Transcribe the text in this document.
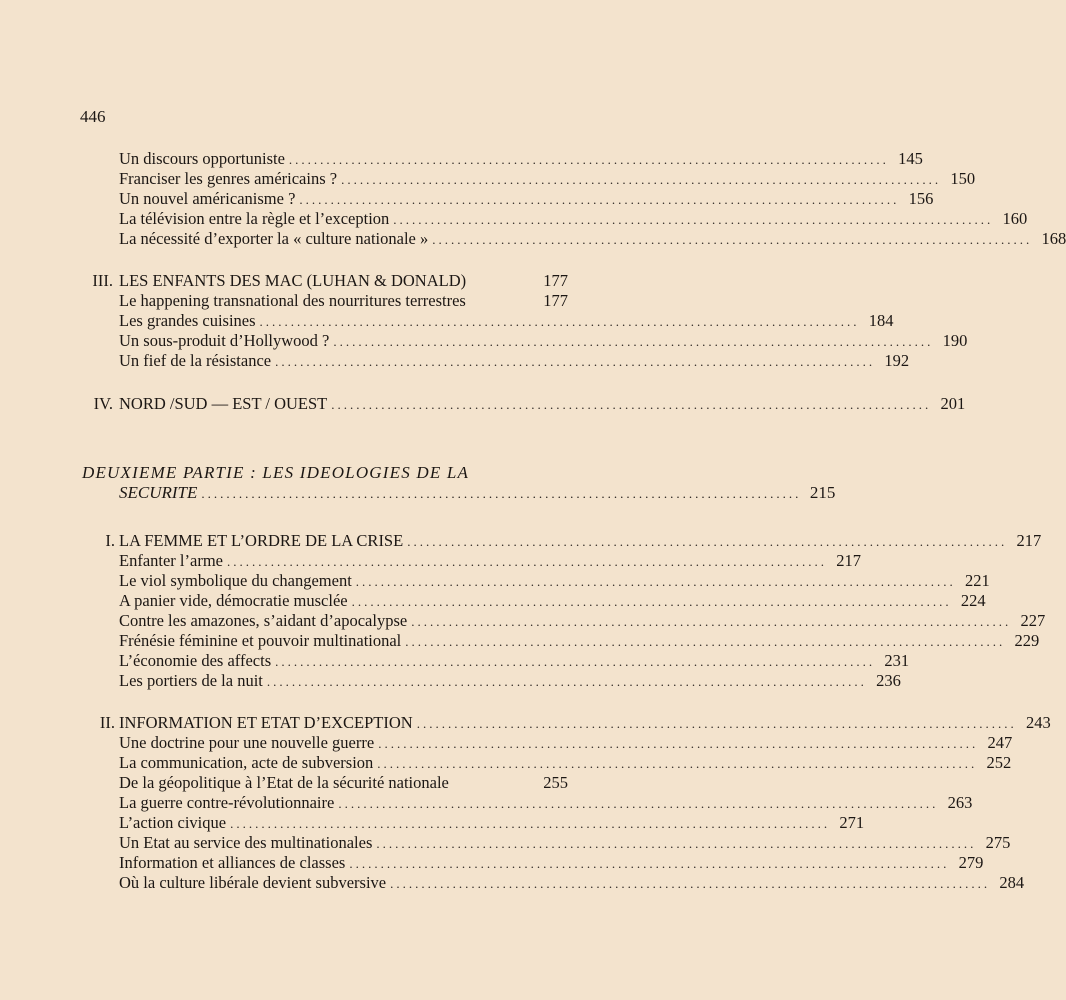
446
Un discours opportuniste ................................................................................................ 145
Franciser les genres américains ? ................................................................................................ 150
Un nouvel américanisme ? ................................................................................................ 156
La télévision entre la règle et l’exception ................................................................................................ 160
La nécessité d’exporter la « culture nationale » ................................................................................................ 168
III. LES ENFANTS DES MAC (LUHAN & DONALD)	177
Le happening transnational des nourritures terrestres	177
Les grandes cuisines ................................................................................................ 184
Un sous-produit d’Hollywood ? ................................................................................................ 190
Un fief de la résistance ................................................................................................ 192
IV. NORD /SUD — EST / OUEST ................................................................................................ 201
DEUXIEME PARTIE : LES IDEOLOGIES DE LA
SECURITE ................................................................................................ 215
I. LA FEMME ET L’ORDRE DE LA CRISE ................................................................................................ 217
Enfanter l’arme ................................................................................................ 217
Le viol symbolique du changement ................................................................................................ 221
A panier vide, démocratie musclée ................................................................................................ 224
Contre les amazones, s’aidant d’apocalypse ................................................................................................ 227
Frénésie féminine et pouvoir multinational ................................................................................................ 229
L’économie des affects ................................................................................................ 231
Les portiers de la nuit ................................................................................................ 236
II. INFORMATION ET ETAT D’EXCEPTION ................................................................................................ 243
Une doctrine pour une nouvelle guerre ................................................................................................ 247
La communication, acte de subversion ................................................................................................ 252
De la géopolitique à l’Etat de la sécurité nationale	255
La guerre contre-révolutionnaire ................................................................................................ 263
L’action civique ................................................................................................ 271
Un Etat au service des multinationales ................................................................................................ 275
Information et alliances de classes ................................................................................................ 279
Où la culture libérale devient subversive ................................................................................................ 284
